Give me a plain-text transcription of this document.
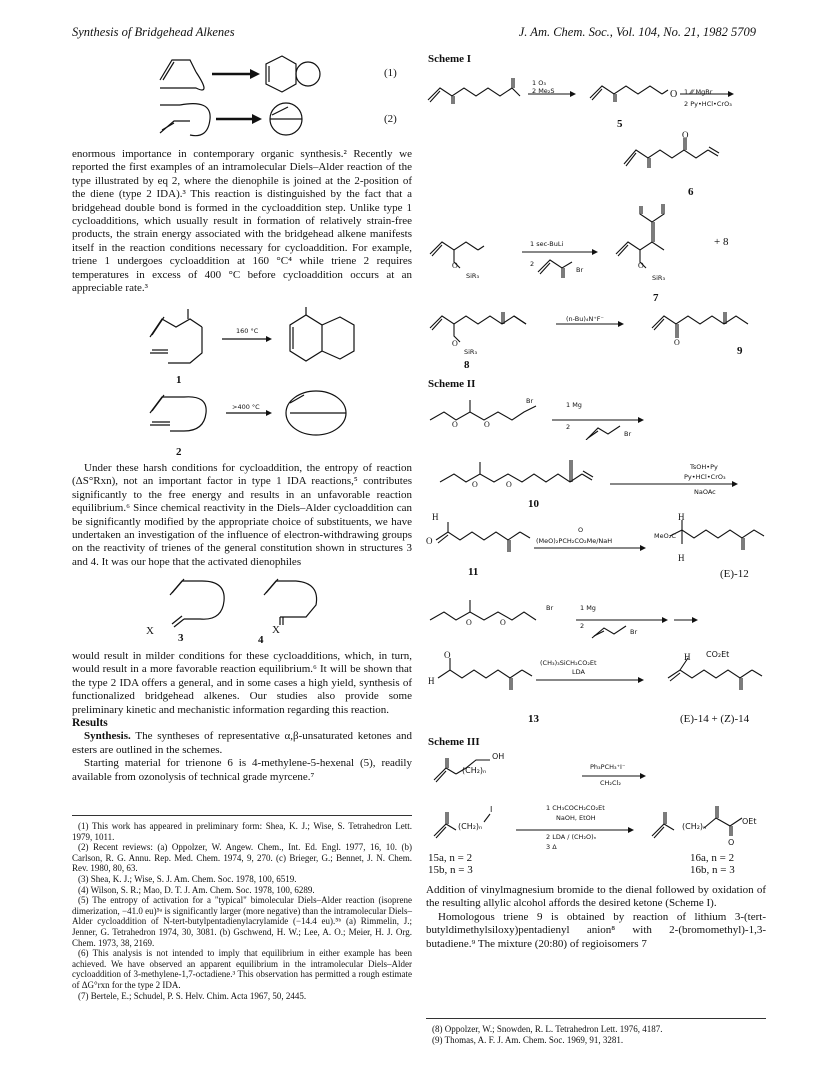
Synthesis of Bridgehead Alkenes	J. Am. Chem. Soc., Vol. 104, No. 21, 1982 5709
(1)
(2)

enormous importance in contemporary organic synthesis.² Recently we reported the first examples of an intramolecular Diels–Alder reaction of the type illustrated by eq 2, where the dienophile is joined at the 2-position of the diene (type 2 IDA).³ This reaction is distinguished by the fact that a bridgehead double bond is formed in the cycloaddition step. Unlike type 1 cycloadditions, which usually result in formation of relatively strain-free products, the strain energy associated with the bridgehead alkene manifests itself in the reaction conditions necessary for cycloaddition. For example, triene 1 undergoes cycloaddition at 160 °C⁴ while triene 2 requires temperatures in excess of 400 °C before cycloaddition occurs at an appreciable rate.³

160 °C
1
>400 °C
2

Under these harsh conditions for cycloaddition, the entropy of reaction (ΔS°Rxn), not an important factor in type 1 IDA reactions,⁵ contributes significantly to the free energy and results in an unfavorable reaction equilibrium.⁶ Since chemical reactivity in the Diels–Alder cycloaddition can be significantly modified by the appropriate choice of substituents, we have undertaken an investigation of the influence of electron-withdrawing groups on the reactivity of trienes of the general constitution shown in structures 3 and 4. It was our hope that the activated dienophiles

X	X
3	4

would result in milder conditions for these cycloadditions, which, in turn, would result in a more favorable reaction equilibrium.⁶ It will be shown that the type 2 IDA offers a general, and in some cases a high yield, synthesis of functionalized bridgehead alkenes. Our studies also provide some preliminary kinetic and mechanistic information regarding this reaction.

Results

Synthesis. The syntheses of representative α,β-unsaturated ketones and esters are outlined in the schemes.

Starting material for trienone 6 is 4-methylene-5-hexenal (5), readily available from ozonolysis of technical grade myrcene.⁷

(1) This work has appeared in preliminary form: Shea, K. J.; Wise, S. Tetrahedron Lett. 1979, 1011.

(2) Recent reviews: (a) Oppolzer, W. Angew. Chem., Int. Ed. Engl. 1977, 16, 10. (b) Carlson, R. G. Annu. Rep. Med. Chem. 1974, 9, 270. (c) Brieger, G.; Bennet, J. N. Chem. Rev. 1980, 80, 63.

(3) Shea, K. J.; Wise, S. J. Am. Chem. Soc. 1978, 100, 6519.

(4) Wilson, S. R.; Mao, D. T. J. Am. Chem. Soc. 1978, 100, 6289.

(5) The entropy of activation for a "typical" bimolecular Diels–Alder reaction (isoprene dimerization, −41.0 eu)⁵ᵃ is significantly larger (more negative) than the intramolecular Diels–Alder cycloaddition of N-tert-butylpentadienylacrylamide (−14.4 eu).⁵ᵇ (a) Rimmelin, J.; Jenner, G. Tetrahedron 1974, 30, 3081. (b) Gschwend, H. W.; Lee, A. O.; Meier, H. J. Org. Chem. 1973, 38, 2169.

(6) This analysis is not intended to imply that equilibrium in either example has been achieved. We have observed an apparent equilibrium in the intramolecular Diels–Alder cycloaddition of 3-methylene-1,7-octadiene.³ This observation has permitted a rough estimate of ΔG°rxn for the type 2 IDA.

(7) Bertele, E.; Schudel, P. S. Helv. Chim. Acta 1967, 50, 2445.

Scheme I
1 O₃
2 Me₂S	O 1 ⁄⁄⁄ MgBr
2 Py•HCl•CrO₃
5
O
6
1 sec-BuLi
2
Br
O
SiR₃
O
SiR₃
+ 8
7
(n-Bu)₄N⁺F⁻
O	O
SiR₃
8
9
Scheme II
O	O
Br	1 Mg
2
Br
O	O
TsOH•Py
Py•HCl•CrO₃
NaOAc
10
H
O
O
(MeO)₂PCH₂CO₂Me/NaH
MeO₂C
H
H
11	(E)-12
O	O
Br	1 Mg
2
Br
O
H
(CH₃)₃SiCH₂CO₂Et
LDA
H CO₂Et
13	(E)-14 + (Z)-14
Scheme III
OH
(CH₂)ₙ	Ph₃PCH₃⁺I⁻
CH₂Cl₂
I
(CH₂)ₙ
1 CH₃COCH₂CO₂Et
NaOH, EtOH
2 LDA / (CH₂O)ₙ
3 Δ
OEt
(CH₂)ₙ
O
15a, n = 2
15b, n = 3
16a, n = 2
16b, n = 3

Addition of vinylmagnesium bromide to the dienal followed by oxidation of the resulting allylic alcohol affords the desired ketone (Scheme I).

Homologous triene 9 is obtained by reaction of lithium 3-(tert-butyldimethylsiloxy)pentadienyl anion⁸ with 2-(bromomethyl)-1,3-butadiene.⁹ The mixture (20:80) of regioisomers 7

(8) Oppolzer, W.; Snowden, R. L. Tetrahedron Lett. 1976, 4187.

(9) Thomas, A. F. J. Am. Chem. Soc. 1969, 91, 3281.
